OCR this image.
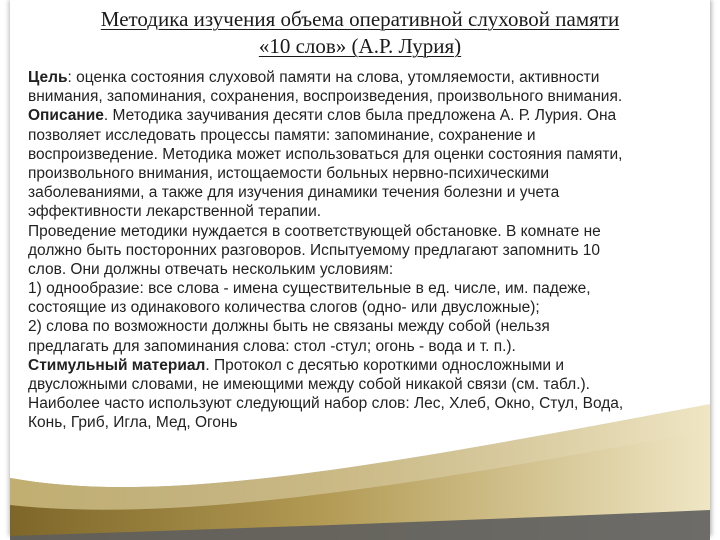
Методика изучения объема оперативной слуховой памяти
«10 слов» (А.Р. Лурия)
Цель: оценка состояния слуховой памяти на слова, утомляемости, активности
внимания, запоминания, сохранения, воспроизведения, произвольного внимания.
Описание. Методика заучивания десяти слов была предложена А. Р. Лурия. Она
позволяет исследовать процессы памяти: запоминание, сохранение и
воспроизведение. Методика может использоваться для оценки состояния памяти,
произвольного внимания, истощаемости больных нервно-психическими
заболеваниями, а также для изучения динамики течения болезни и учета
эффективности лекарственной терапии.
Проведение методики нуждается в соответствующей обстановке. В комнате не
должно быть посторонних разговоров. Испытуемому предлагают запомнить 10
слов. Они должны отвечать нескольким условиям:
1) однообразие: все слова - имена существительные в ед. числе, им. падеже,
состоящие из одинакового количества слогов (одно- или двусложные);
2) слова по возможности должны быть не связаны между собой (нельзя
предлагать для запоминания слова: стол -стул; огонь - вода и т. п.).
Стимульный материал. Протокол с десятью короткими односложными и
двусложными словами, не имеющими между собой никакой связи (см. табл.).
Наиболее часто используют следующий набор слов: Лес, Хлеб, Окно, Стул, Вода,
Конь, Гриб, Игла, Мед, Огонь
